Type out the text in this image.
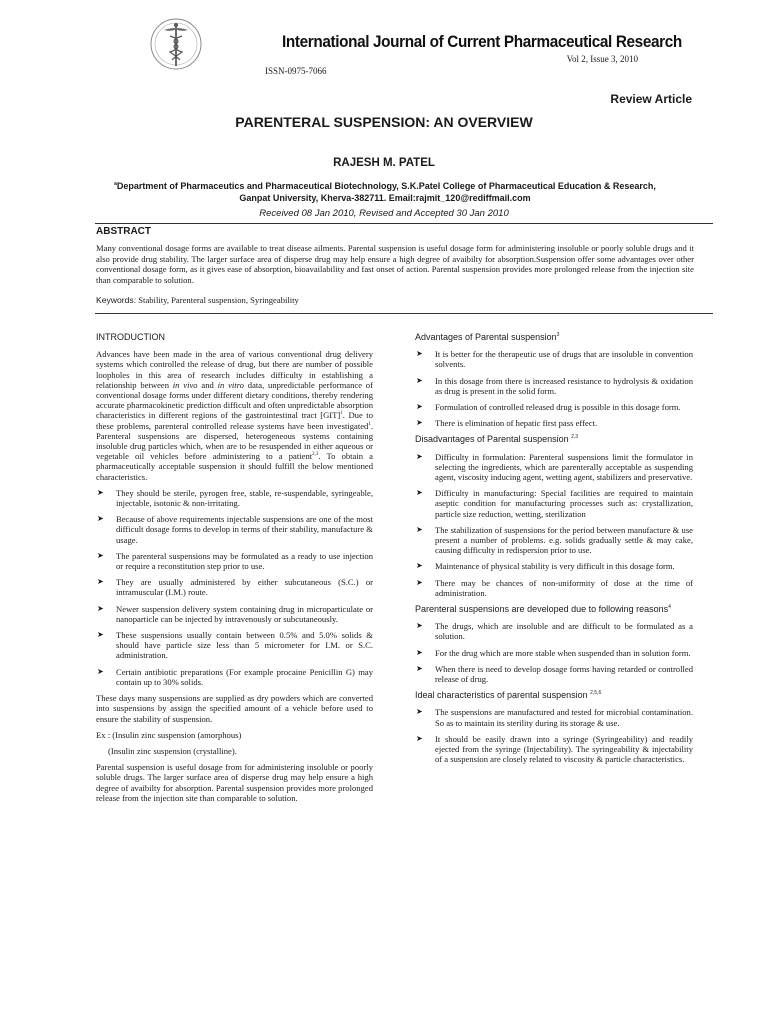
International Journal of Current Pharmaceutical Research
Vol 2, Issue 3, 2010
ISSN-0975-7066
Review Article
PARENTERAL SUSPENSION: AN OVERVIEW
RAJESH M. PATEL
$^a$Department of Pharmaceutics and Pharmaceutical Biotechnology, S.K.Patel College of Pharmaceutical Education & Research, Ganpat University, Kherva-382711. Email:rajmit_120@rediffmail.com
Received 08 Jan 2010, Revised and Accepted 30 Jan 2010
ABSTRACT
Many conventional dosage forms are available to treat disease ailments. Parental suspension is useful dosage form for administering insoluble or poorly soluble drugs and it also provide drug stability. The larger surface area of disperse drug may help ensure a high degree of avaibilty for absorption.Suspension offer some advantages over other conventional dosage form, as it gives ease of absorption, bioavailability and fast onset of action. Parental suspension provides more prolonged release from the injection site than comparable to solution.
Keywords: Stability, Parenteral suspension, Syringeability
INTRODUCTION

Advances have been made in the area of various conventional drug delivery systems which controlled the release of drug, but there are number of possible loopholes in this area of research includes difficulty in establishing a relationship between in vivo and in vitro data, unpredictable performance of conventional dosage forms under different dietary conditions, thereby rendering accurate pharmacokinetic prediction difficult and often unpredictable absorption characteristics in different regions of the gastrointestinal tract [GIT]$^1$. Due to these problems, parenteral controlled release systems have been investigated$^1$. Parenteral suspensions are dispersed, heterogeneous systems containing insoluble drug particles which, when are to be resuspended in either aqueous or vegetable oil vehicles before administering to a patient$^{2,3}$. To obtain a pharmaceutically acceptable suspension it should fulfill the below mentioned characteristics.

➤ They should be sterile, pyrogen free, stable, re-suspendable, syringeable, injectable, isotonic & non-irritating.
➤ Because of above requirements injectable suspensions are one of the most difficult dosage forms to develop in terms of their stability, manufacture & usage.
➤ The parenteral suspensions may be formulated as a ready to use injection or require a reconstitution step prior to use.
➤ They are usually administered by either subcutaneous (S.C.) or intramuscular (I.M.) route.
➤ Newer suspension delivery system containing drug in microparticulate or nanoparticle can be injected by intravenously or subcutaneously.
➤ These suspensions usually contain between 0.5% and 5.0% solids & should have particle size less than 5 micrometer for I.M. or S.C. administration.
➤ Certain antibiotic preparations (For example procaine Penicillin G) may contain up to 30% solids.

These days many suspensions are supplied as dry powders which are converted into suspensions by assign the specified amount of a vehicle before used to ensure the stability of suspension.

Ex : (Insulin zinc suspension (amorphous)

(Insulin zinc suspension (crystalline).

Parental suspension is useful dosage from for administering insoluble or poorly soluble drugs. The larger surface area of disperse drug may help ensure a high degree of avaibilty for absorption. Parental suspension provides more prolonged release from the injection site than comparable to solution.

Advantages of Parental suspension$^3$
➤ It is better for the therapeutic use of drugs that are insoluble in convention solvents.
➤ In this dosage from there is increased resistance to hydrolysis & oxidation as drug is present in the solid form.
➤ Formulation of controlled released drug is possible in this dosage form.
➤ There is elimination of hepatic first pass effect.
Disadvantages of Parental suspension $^{2,3}$
➤ Difficulty in formulation: Parenteral suspensions limit the formulator in selecting the ingredients, which are parenterally acceptable as suspending agent, viscosity inducing agent, wetting agent, stabilizers and preservative.
➤ Difficulty in manufacturing: Special facilities are required to maintain aseptic condition for manufacturing processes such as: crystallization, particle size reduction, wetting, sterilization
➤ The stabilization of suspensions for the period between manufacture & use present a number of problems. e.g. solids gradually settle & may cake, causing difficulty in redispersion prior to use.
➤ Maintenance of physical stability is very difficult in this dosage form.
➤ There may be chances of non-uniformity of dose at the time of administration.
Parenteral suspensions are developed due to following reasons$^4$
➤ The drugs, which are insoluble and are difficult to be formulated as a solution.
➤ For the drug which are more stable when suspended than in solution form.
➤ When there is need to develop dosage forms having retarded or controlled release of drug.
Ideal characteristics of parental suspension $^{2,5,6}$
➤ The suspensions are manufactured and tested for microbial contamination. So as to maintain its sterility during its storage & use.
➤ It should be easily drawn into a syringe (Syringeability) and readily ejected from the syringe (Injectability). The syringeability & injectability of a suspension are closely related to viscosity & particle characteristics.
